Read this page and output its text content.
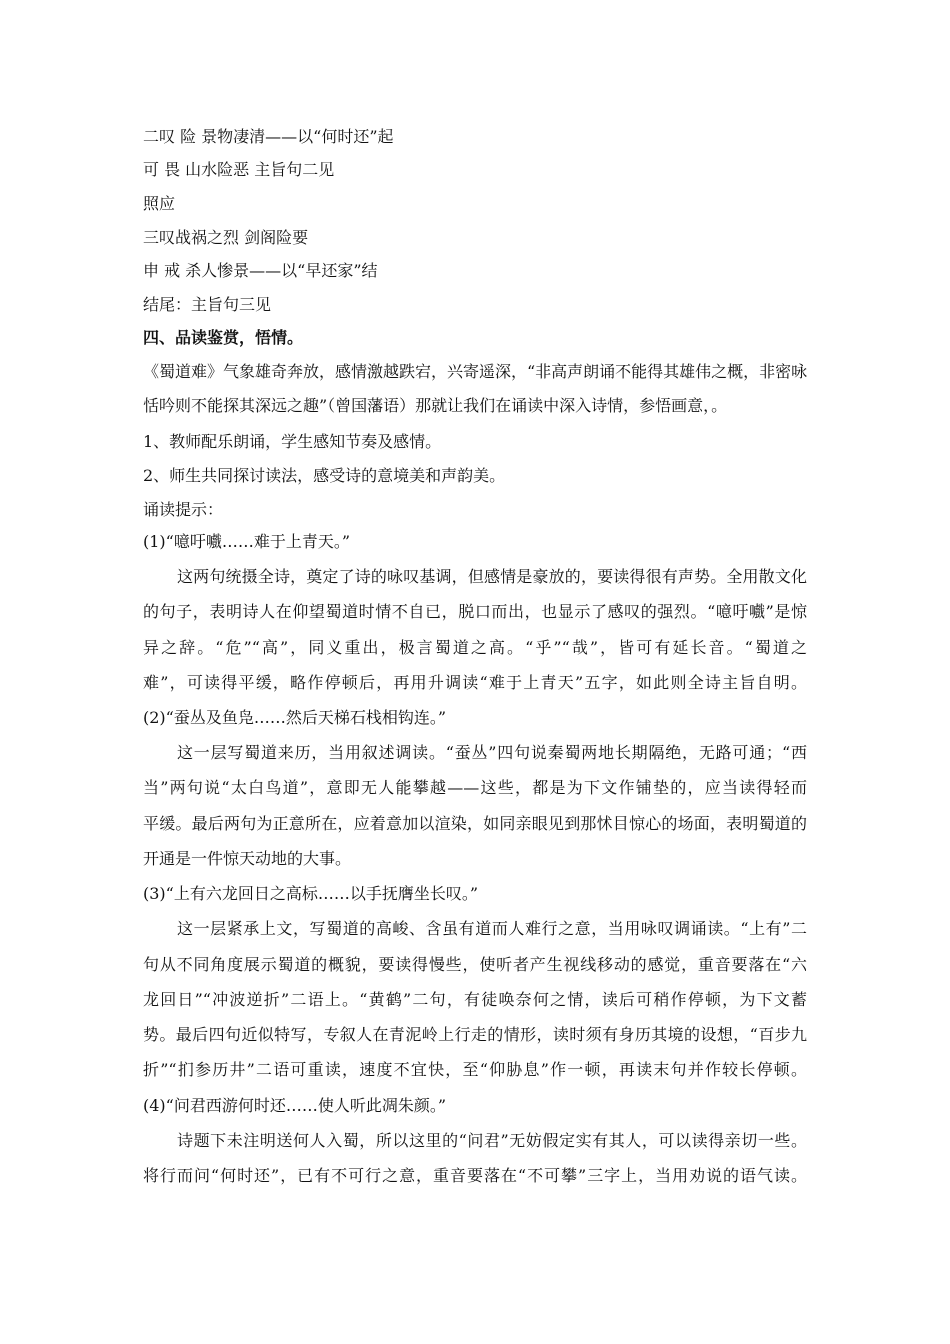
二叹 险 景物凄清——以“何时还”起
可 畏 山水险恶 主旨句二见
照应
三叹战祸之烈 剑阁险要
申 戒 杀人惨景——以“早还家”结
结尾：主旨句三见
四、品读鉴赏，悟情。
《蜀道难》气象雄奇奔放，感情激越跌宕，兴寄遥深，“非高声朗诵不能得其雄伟之概，非密咏
恬吟则不能探其深远之趣”（曾国藩语）那就让我们在诵读中深入诗情，参悟画意，。
1、教师配乐朗诵，学生感知节奏及感情。
2、师生共同探讨读法，感受诗的意境美和声韵美。
诵读提示：
(1)“噫吁嚱……难于上青天。”
这两句统摄全诗，奠定了诗的咏叹基调，但感情是豪放的，要读得很有声势。全用散文化
的句子，表明诗人在仰望蜀道时情不自已，脱口而出，也显示了感叹的强烈。“噫吁嚱”是惊
异之辞。“危”“高”，同义重出，极言蜀道之高。“乎”“哉”，皆可有延长音。“蜀道之
难”，可读得平缓，略作停顿后，再用升调读“难于上青天”五字，如此则全诗主旨自明。
(2)“蚕丛及鱼凫……然后天梯石栈相钩连。”
这一层写蜀道来历，当用叙述调读。“蚕丛”四句说秦蜀两地长期隔绝，无路可通；“西
当”两句说“太白鸟道”，意即无人能攀越——这些，都是为下文作铺垫的，应当读得轻而
平缓。最后两句为正意所在，应着意加以渲染，如同亲眼见到那怵目惊心的场面，表明蜀道的
开通是一件惊天动地的大事。
(3)“上有六龙回日之高标……以手抚膺坐长叹。”
这一层紧承上文，写蜀道的高峻、含虽有道而人难行之意，当用咏叹调诵读。“上有”二
句从不同角度展示蜀道的概貌，要读得慢些，使听者产生视线移动的感觉，重音要落在“六
龙回日”“冲波逆折”二语上。“黄鹤”二句，有徒唤奈何之情，读后可稍作停顿，为下文蓄
势。最后四句近似特写，专叙人在青泥岭上行走的情形，读时须有身历其境的设想，“百步九
折”“扪参历井”二语可重读，速度不宜快，至“仰胁息”作一顿，再读末句并作较长停顿。
(4)“问君西游何时还……使人听此凋朱颜。”
诗题下未注明送何人入蜀，所以这里的“问君”无妨假定实有其人，可以读得亲切一些。
将行而问“何时还”，已有不可行之意，重音要落在“不可攀”三字上，当用劝说的语气读。
